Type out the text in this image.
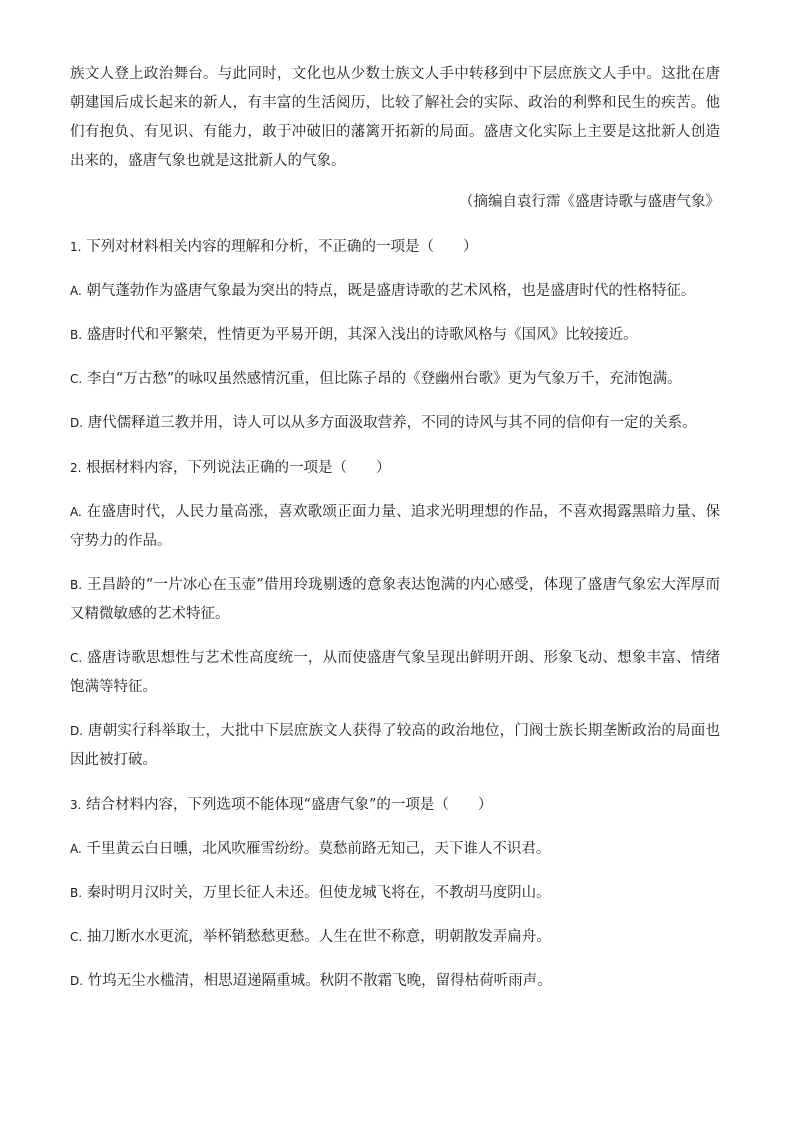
族文人登上政治舞台。与此同时，文化也从少数士族文人手中转移到中下层庶族文人手中。这批在唐朝建国后成长起来的新人，有丰富的生活阅历，比较了解社会的实际、政治的利弊和民生的疾苦。他们有抱负、有见识、有能力，敢于冲破旧的藩篱开拓新的局面。盛唐文化实际上主要是这批新人创造出来的，盛唐气象也就是这批新人的气象。

（摘编自袁行霈《盛唐诗歌与盛唐气象》

1. 下列对材料相关内容的理解和分析，不正确的一项是（　　）

A. 朝气蓬勃作为盛唐气象最为突出的特点，既是盛唐诗歌的艺术风格，也是盛唐时代的性格特征。

B. 盛唐时代和平繁荣，性情更为平易开朗，其深入浅出的诗歌风格与《国风》比较接近。

C. 李白“万古愁”的咏叹虽然感情沉重，但比陈子昂的《登幽州台歌》更为气象万千，充沛饱满。

D. 唐代儒释道三教并用，诗人可以从多方面汲取营养，不同的诗风与其不同的信仰有一定的关系。

2. 根据材料内容，下列说法正确的一项是（　　）

A. 在盛唐时代，人民力量高涨，喜欢歌颂正面力量、追求光明理想的作品，不喜欢揭露黑暗力量、保守势力的作品。

B. 王昌龄的“一片冰心在玉壶”借用玲珑剔透的意象表达饱满的内心感受，体现了盛唐气象宏大浑厚而又精微敏感的艺术特征。

C. 盛唐诗歌思想性与艺术性高度统一，从而使盛唐气象呈现出鲜明开朗、形象飞动、想象丰富、情绪饱满等特征。

D. 唐朝实行科举取士，大批中下层庶族文人获得了较高的政治地位，门阀士族长期垄断政治的局面也因此被打破。

3. 结合材料内容，下列选项不能体现“盛唐气象”的一项是（　　）

A. 千里黄云白日曛，北风吹雁雪纷纷。莫愁前路无知己，天下谁人不识君。

B. 秦时明月汉时关，万里长征人未还。但使龙城飞将在，不教胡马度阴山。

C. 抽刀断水水更流，举杯销愁愁更愁。人生在世不称意，明朝散发弄扁舟。

D. 竹坞无尘水槛清，相思迢递隔重城。秋阴不散霜飞晚，留得枯荷听雨声。
